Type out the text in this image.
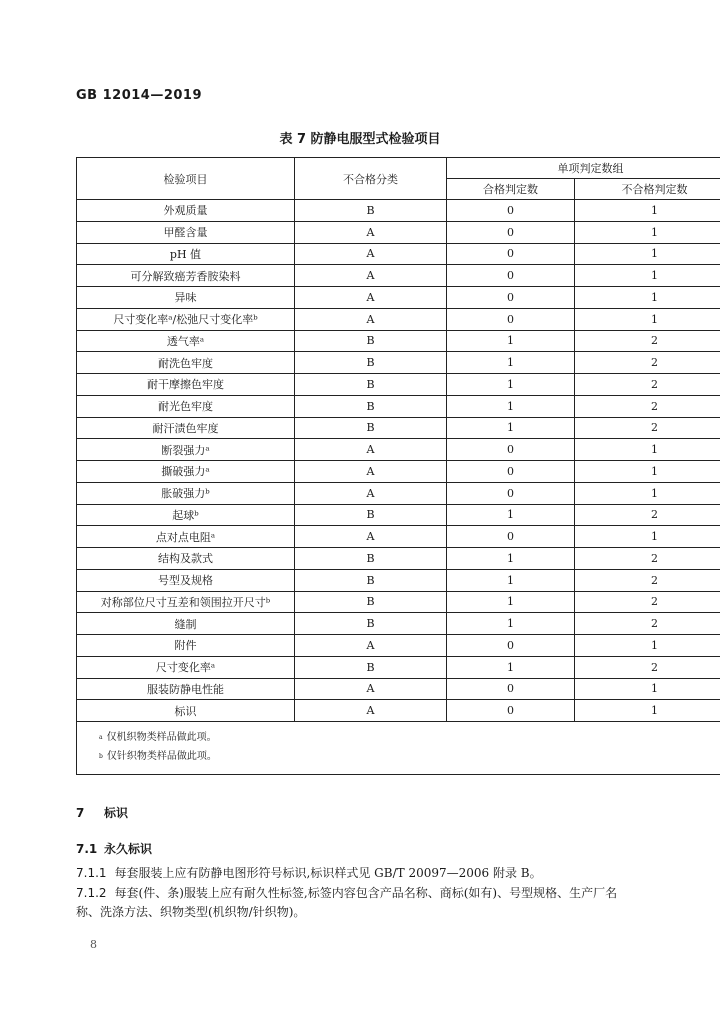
GB 12014—2019
表 7 防静电服型式检验项目
检验项目	不合格分类	单项判定数组	
		合格判定数	不合格判定数
外观质量	B	0	1
甲醛含量	A	0	1
pH 值	A	0	1
可分解致癌芳香胺染料	A	0	1
异味	A	0	1
尺寸变化率ᵃ/松弛尺寸变化率ᵇ	A	0	1
透气率ᵃ	B	1	2
耐洗色牢度	B	1	2
耐干摩擦色牢度	B	1	2
耐光色牢度	B	1	2
耐汗渍色牢度	B	1	2
断裂强力ᵃ	A	0	1
撕破强力ᵃ	A	0	1
胀破强力ᵇ	A	0	1
起球ᵇ	B	1	2
点对点电阻ᵃ	A	0	1
结构及款式	B	1	2
号型及规格	B	1	2
对称部位尺寸互差和领围拉开尺寸ᵇ	B	1	2
缝制	B	1	2
附件	A	0	1
尺寸变化率ᵃ	B	1	2
服装防静电性能	A	0	1
标识	A	0	1

$^a$ 仅机织物类样品做此项。
$^b$ 仅针织物类样品做此项。			
7 标识
7.1 永久标识
7.1.1 每套服装上应有防静电图形符号标识,标识样式见 GB/T 20097—2006 附录 B。
7.1.2 每套(件、条)服装上应有耐久性标签,标签内容包含产品名称、商标(如有)、号型规格、生产厂名称、洗涤方法、织物类型(机织物/针织物)。
8
